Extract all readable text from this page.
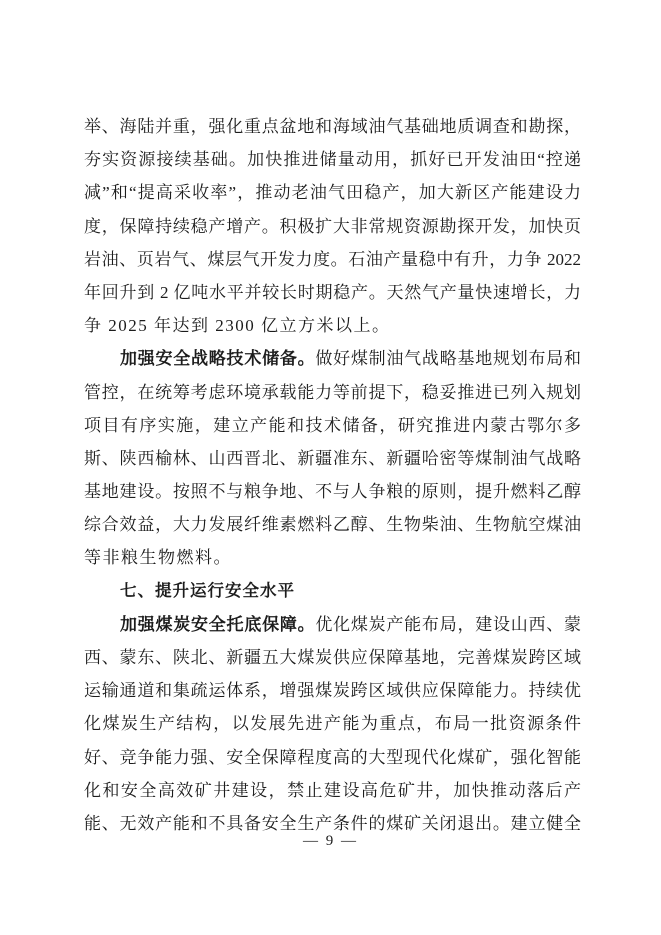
举、海陆并重，强化重点盆地和海域油气基础地质调查和勘探，
夯实资源接续基础。加快推进储量动用，抓好已开发油田“控递
减”和“提高采收率”，推动老油气田稳产，加大新区产能建设力
度，保障持续稳产增产。积极扩大非常规资源勘探开发，加快页
岩油、页岩气、煤层气开发力度。石油产量稳中有升，力争 2022
年回升到 2 亿吨水平并较长时期稳产。天然气产量快速增长，力
争 2025 年达到 2300 亿立方米以上。
加强安全战略技术储备。做好煤制油气战略基地规划布局和
管控，在统筹考虑环境承载能力等前提下，稳妥推进已列入规划
项目有序实施，建立产能和技术储备，研究推进内蒙古鄂尔多
斯、陕西榆林、山西晋北、新疆准东、新疆哈密等煤制油气战略
基地建设。按照不与粮争地、不与人争粮的原则，提升燃料乙醇
综合效益，大力发展纤维素燃料乙醇、生物柴油、生物航空煤油
等非粮生物燃料。
七、提升运行安全水平
加强煤炭安全托底保障。优化煤炭产能布局，建设山西、蒙
西、蒙东、陕北、新疆五大煤炭供应保障基地，完善煤炭跨区域
运输通道和集疏运体系，增强煤炭跨区域供应保障能力。持续优
化煤炭生产结构，以发展先进产能为重点，布局一批资源条件
好、竞争能力强、安全保障程度高的大型现代化煤矿，强化智能
化和安全高效矿井建设，禁止建设高危矿井，加快推动落后产
能、无效产能和不具备安全生产条件的煤矿关闭退出。建立健全
— 9 —
